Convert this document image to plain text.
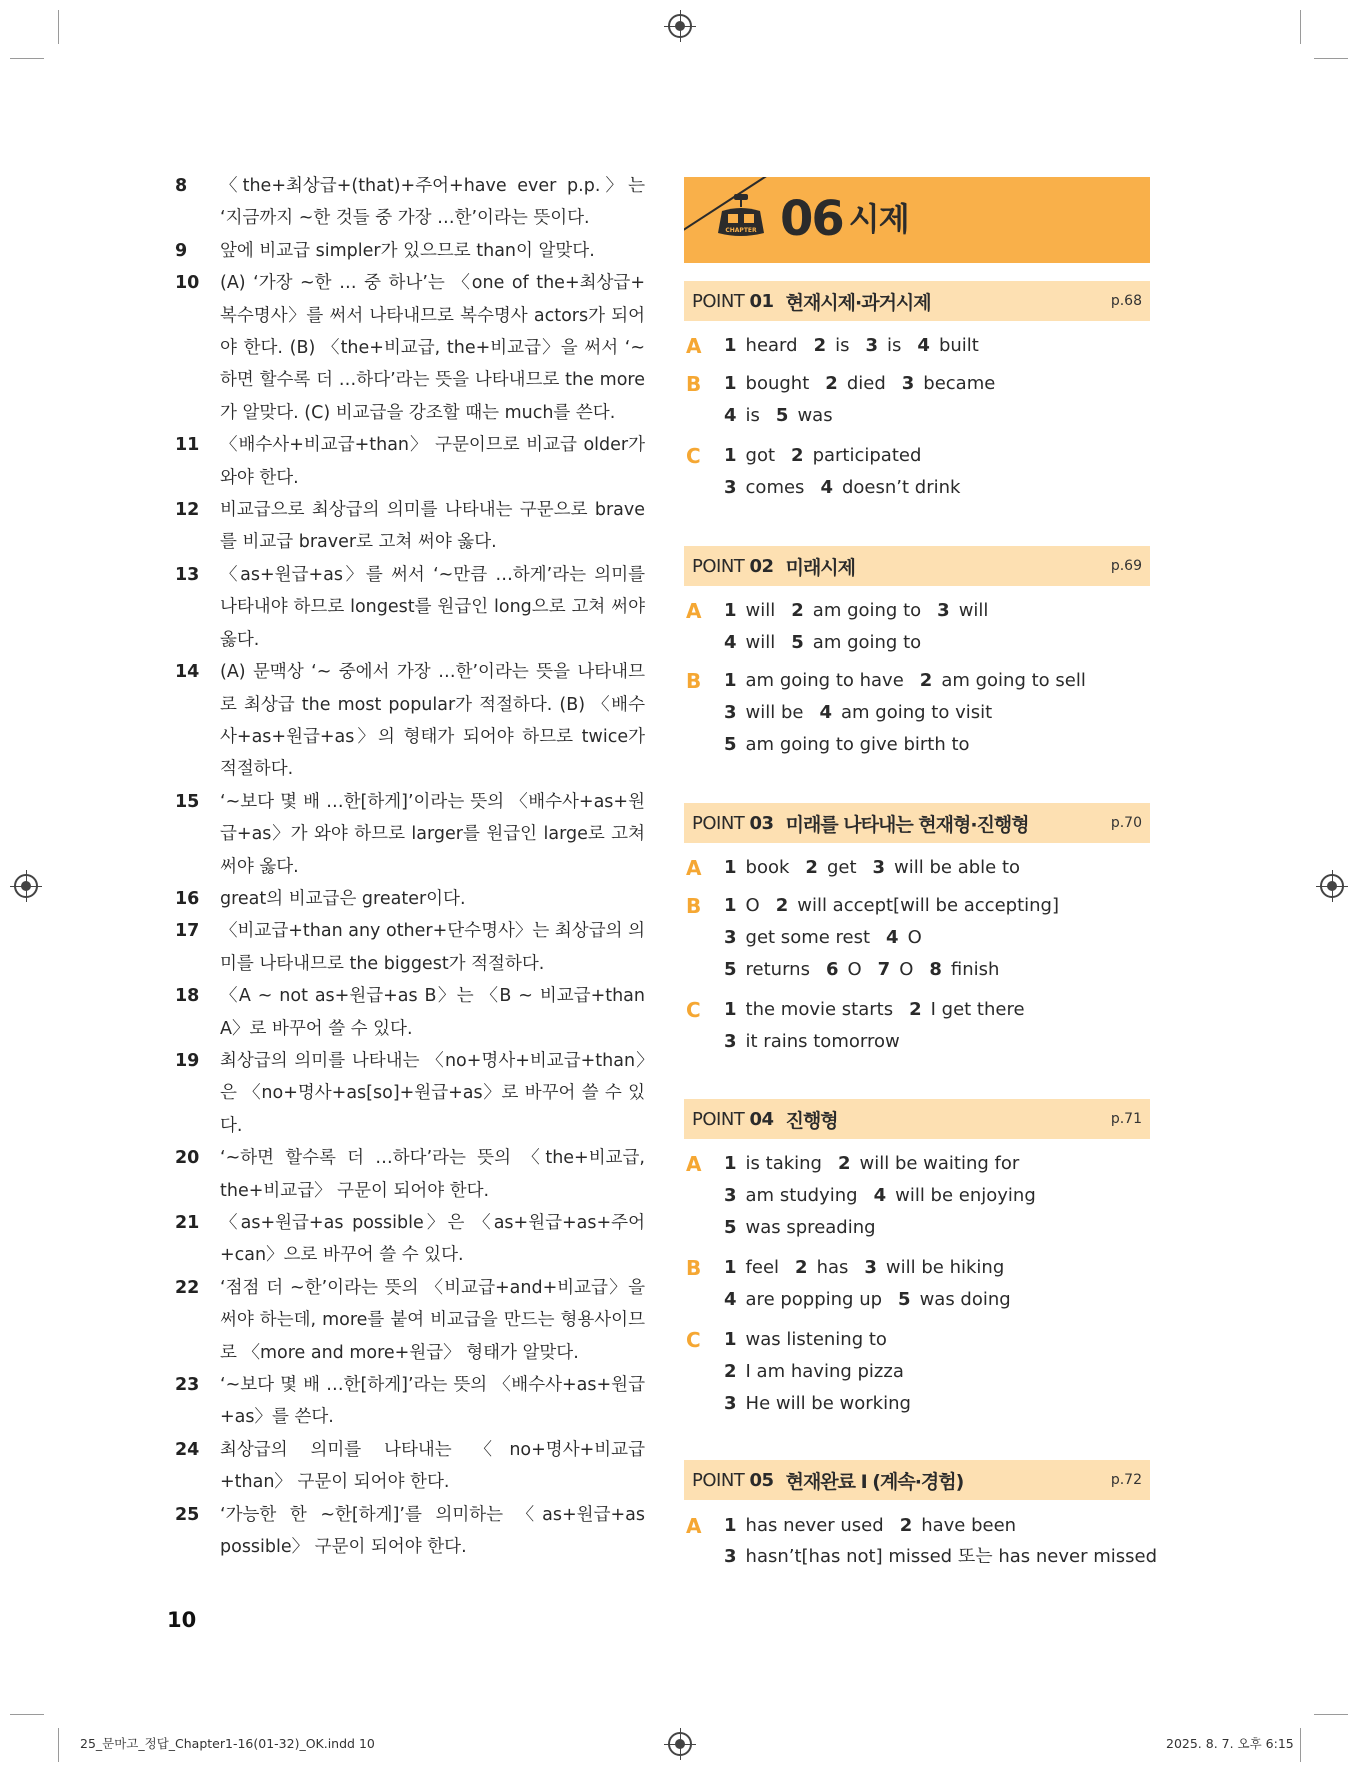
8	〈the+최상급+(that)+주어+have ever p.p.〉는 ‘지금까지 ~한 것들 중 가장 …한’이라는 뜻이다.
9	앞에 비교급 simpler가 있으므로 than이 알맞다.
10	(A) ‘가장 ~한 … 중 하나’는 〈one of the+최상급+ 복수명사〉를 써서 나타내므로 복수명사 actors가 되어야 한다. (B) 〈the+비교급, the+비교급〉을 써서 ‘~하면 할수록 더 …하다’라는 뜻을 나타내므로 the more가 알맞다. (C) 비교급을 강조할 때는 much를 쓴다.
11	〈배수사+비교급+than〉 구문이므로 비교급 older가 와야 한다.
12	비교급으로 최상급의 의미를 나타내는 구문으로 brave를 비교급 braver로 고쳐 써야 옳다.
13	〈as+원급+as〉를 써서 ‘~만큼 …하게’라는 의미를 나타내야 하므로 longest를 원급인 long으로 고쳐 써야 옳다.
14	(A) 문맥상 ‘~ 중에서 가장 …한’이라는 뜻을 나타내므로 최상급 the most popular가 적절하다. (B) 〈배수사+as+원급+as〉의 형태가 되어야 하므로 twice가 적절하다.
15	‘~보다 몇 배 …한[하게]’이라는 뜻의 〈배수사+as+원급+as〉가 와야 하므로 larger를 원급인 large로 고쳐 써야 옳다.
16	great의 비교급은 greater이다.
17	〈비교급+than any other+단수명사〉는 최상급의 의미를 나타내므로 the biggest가 적절하다.
18	〈A ~ not as+원급+as B〉는 〈B ~ 비교급+than A〉로 바꾸어 쓸 수 있다.
19	최상급의 의미를 나타내는 〈no+명사+비교급+than〉은 〈no+명사+as[so]+원급+as〉로 바꾸어 쓸 수 있다.
20	‘~하면 할수록 더 …하다’라는 뜻의 〈the+비교급, the+비교급〉 구문이 되어야 한다.
21	〈as+원급+as possible〉은 〈as+원급+as+주어+can〉으로 바꾸어 쓸 수 있다.
22	‘점점 더 ~한’이라는 뜻의 〈비교급+and+비교급〉을 써야 하는데, more를 붙여 비교급을 만드는 형용사이므로 〈more and more+원급〉 형태가 알맞다.
23	‘~보다 몇 배 …한[하게]’라는 뜻의 〈배수사+as+원급+as〉를 쓴다.
24	최상급의 의미를 나타내는 〈no+명사+비교급+than〉 구문이 되어야 한다.
25	‘가능한 한 ~한[하게]’를 의미하는 〈as+원급+as possible〉 구문이 되어야 한다.
10
CHAPTER 06 시제
POINT 01 현재시제·과거시제	p.68
POINT 02 미래시제	p.69
POINT 03 미래를 나타내는 현재형·진행형	p.70
POINT 04 진행형	p.71
POINT 05 현재완료 I (계속·경험)	p.72
A	1 heard 2 is 3 is 4 built
B	1 bought 2 died 3 became
4 is 5 was
C	1 got 2 participated
3 comes 4 doesn’t drink
A	1 will 2 am going to 3 will
4 will 5 am going to
B	1 am going to have 2 am going to sell
3 will be 4 am going to visit
5 am going to give birth to
A	1 book 2 get 3 will be able to
B	1 O 2 will accept[will be accepting]
3 get some rest 4 O
5 returns 6 O 7 O 8 finish
C	1 the movie starts 2 I get there
3 it rains tomorrow
A	1 is taking 2 will be waiting for
3 am studying 4 will be enjoying
5 was spreading
B	1 feel 2 has 3 will be hiking
4 are popping up 5 was doing
C	1 was listening to
2 I am having pizza
3 He will be working
A	1 has never used 2 have been
3 hasn’t[has not] missed 또는 has never missed
25_문마고_정답_Chapter1-16(01-32)_OK.indd 10	2025. 8. 7. 오후 6:15
